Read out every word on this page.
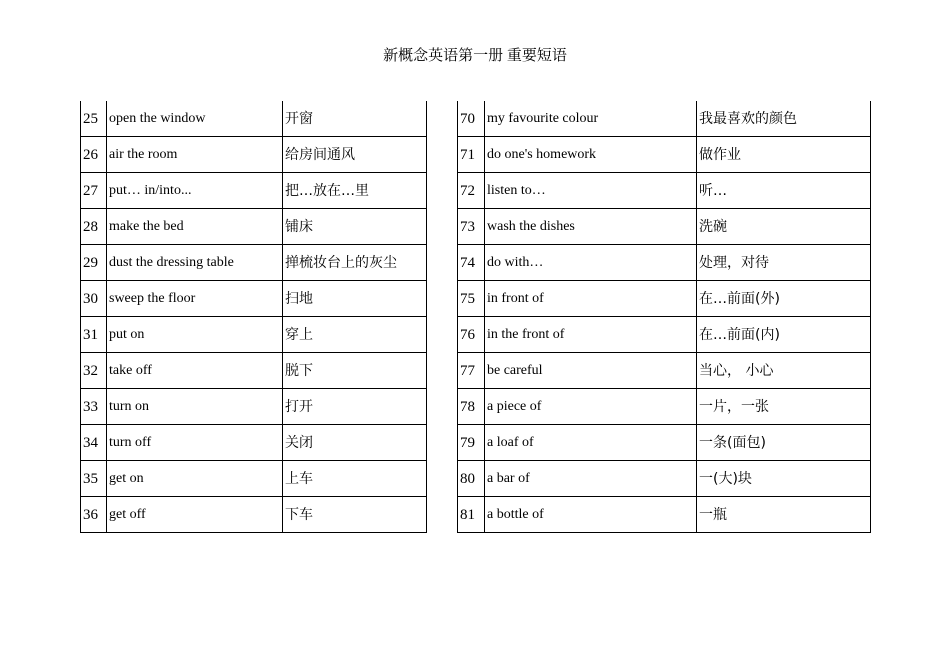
新概念英语第一册 重要短语
25	open the window	开窗
26	air the room	给房间通风
27	put… in/into...	把…放在…里
28	make the bed	铺床
29	dust the dressing table	掸梳妆台上的灰尘
30	sweep the floor	扫地
31	put on	穿上
32	take off	脱下
33	turn on	打开
34	turn off	关闭
35	get on	上车
36	get off	下车
70	my favourite colour	我最喜欢的颜色
71	do one's homework	做作业
72	listen to…	听…
73	wash the dishes	洗碗
74	do with…	处理，对待
75	in front of	在…前面(外)
76	in the front of	在…前面(内)
77	be careful	当心， 小心
78	a piece of	一片，一张
79	a loaf of	一条(面包)
80	a bar of	一(大)块
81	a bottle of	一瓶
